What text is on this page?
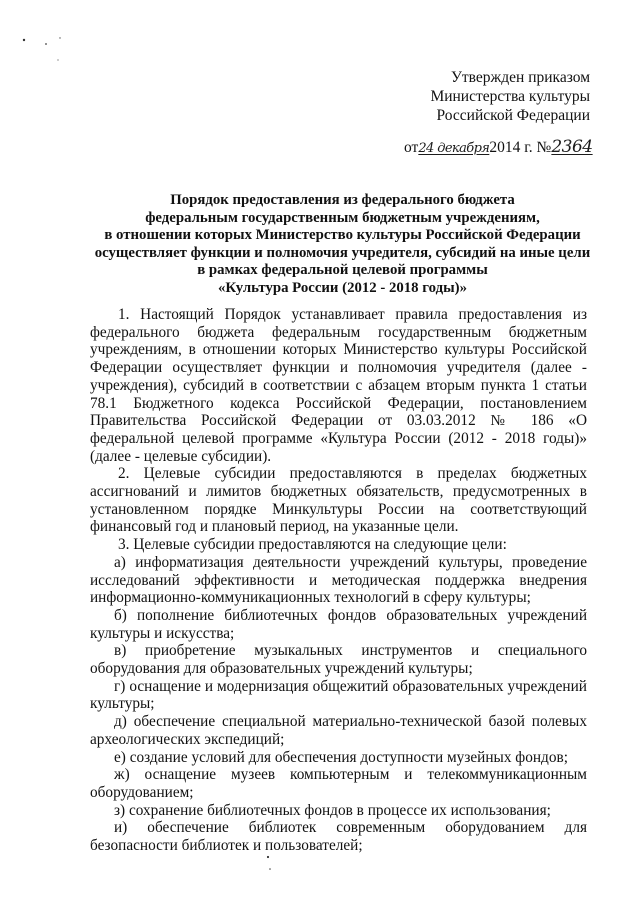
Утвержден приказом
Министерства культуры
Российской Федерации
от24 декабря2014 г. №2364
Порядок предоставления из федерального бюджета
федеральным государственным бюджетным учреждениям,
в отношении которых Министерство культуры Российской Федерации
осуществляет функции и полномочия учредителя, субсидий на иные цели
в рамках федеральной целевой программы
«Культура России (2012 - 2018 годы)»

1. Настоящий Порядок устанавливает правила предоставления из федерального бюджета федеральным государственным бюджетным учреждениям, в отношении которых Министерство культуры Российской Федерации осуществляет функции и полномочия учредителя (далее - учреждения), субсидий в соответствии с абзацем вторым пункта 1 статьи 78.1 Бюджетного кодекса Российской Федерации, постановлением Правительства Российской Федерации от 03.03.2012 № 186 «О федеральной целевой программе «Культура России (2012 - 2018 годы)» (далее - целевые субсидии).

2. Целевые субсидии предоставляются в пределах бюджетных ассигнований и лимитов бюджетных обязательств, предусмотренных в установленном порядке Минкультуры России на соответствующий финансовый год и плановый период, на указанные цели.

3. Целевые субсидии предоставляются на следующие цели:

а) информатизация деятельности учреждений культуры, проведение исследований эффективности и методическая поддержка внедрения информационно-коммуникационных технологий в сферу культуры;

б) пополнение библиотечных фондов образовательных учреждений культуры и искусства;

в) приобретение музыкальных инструментов и специального оборудования для образовательных учреждений культуры;

г) оснащение и модернизация общежитий образовательных учреждений культуры;

д) обеспечение специальной материально-технической базой полевых археологических экспедиций;

е) создание условий для обеспечения доступности музейных фондов;

ж) оснащение музеев компьютерным и телекоммуникационным оборудованием;

з) сохранение библиотечных фондов в процессе их использования;

и) обеспечение библиотек современным оборудованием для безопасности библиотек и пользователей;
